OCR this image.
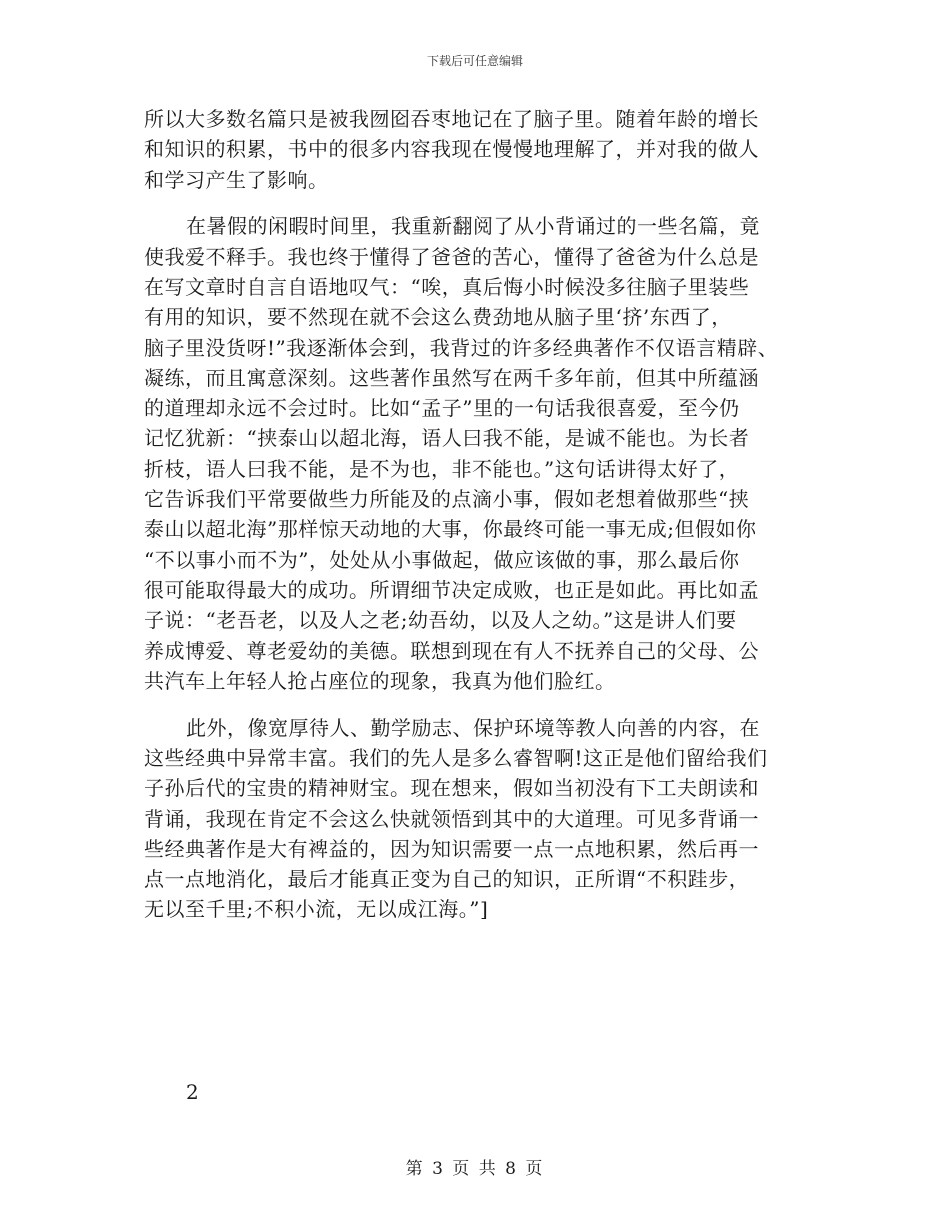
下载后可任意编辑
所以大多数名篇只是被我囫囵吞枣地记在了脑子里。随着年龄的增长
和知识的积累，书中的很多内容我现在慢慢地理解了，并对我的做人
和学习产生了影响。
在暑假的闲暇时间里，我重新翻阅了从小背诵过的一些名篇，竟
使我爱不释手。我也终于懂得了爸爸的苦心，懂得了爸爸为什么总是
在写文章时自言自语地叹气：“唉，真后悔小时候没多往脑子里装些
有用的知识，要不然现在就不会这么费劲地从脑子里‘挤’东西了，
脑子里没货呀!”我逐渐体会到，我背过的许多经典著作不仅语言精辟、
凝练，而且寓意深刻。这些著作虽然写在两千多年前，但其中所蕴涵
的道理却永远不会过时。比如“孟子”里的一句话我很喜爱，至今仍
记忆犹新：“挟泰山以超北海，语人曰我不能，是诚不能也。为长者
折枝，语人曰我不能，是不为也，非不能也。”这句话讲得太好了，
它告诉我们平常要做些力所能及的点滴小事，假如老想着做那些“挟
泰山以超北海”那样惊天动地的大事，你最终可能一事无成;但假如你
“不以事小而不为”，处处从小事做起，做应该做的事，那么最后你
很可能取得最大的成功。所谓细节决定成败，也正是如此。再比如孟
子说：“老吾老，以及人之老;幼吾幼，以及人之幼。”这是讲人们要
养成博爱、尊老爱幼的美德。联想到现在有人不抚养自己的父母、公
共汽车上年轻人抢占座位的现象，我真为他们脸红。
此外，像宽厚待人、勤学励志、保护环境等教人向善的内容，在
这些经典中异常丰富。我们的先人是多么睿智啊!这正是他们留给我们
子孙后代的宝贵的精神财宝。现在想来，假如当初没有下工夫朗读和
背诵，我现在肯定不会这么快就领悟到其中的大道理。可见多背诵一
些经典著作是大有裨益的，因为知识需要一点一点地积累，然后再一
点一点地消化，最后才能真正变为自己的知识，正所谓“不积跬步，
无以至千里;不积小流，无以成江海。”]
2
第 3 页 共 8 页
